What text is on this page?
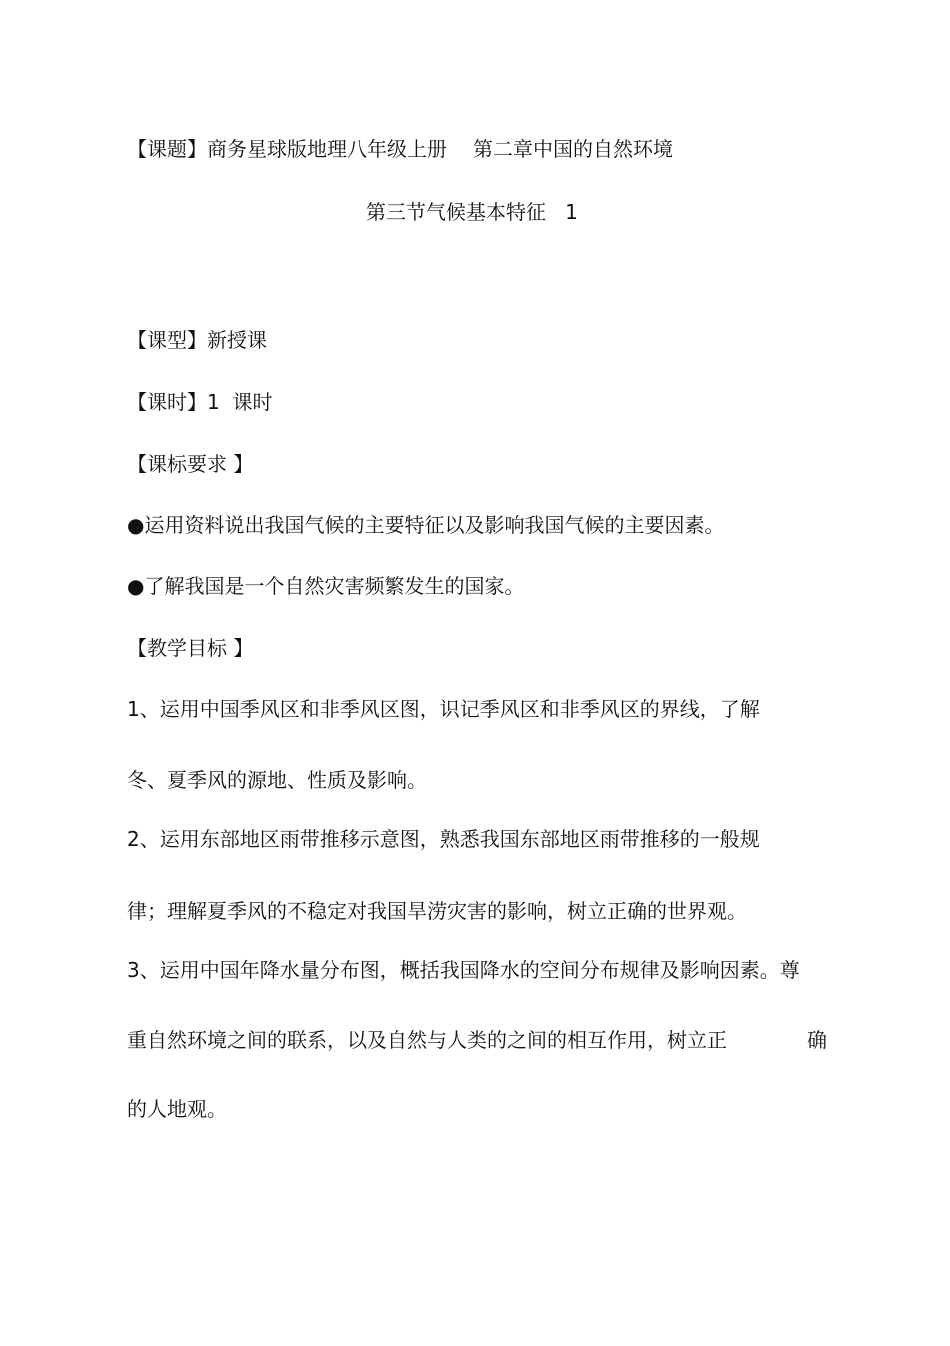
【课题】商务星球版地理八年级上册 第二章中国的自然环境
第三节气候基本特征   1
【课型】新授课
【课时】1  课时
【课标要求 】
●运用资料说出我国气候的主要特征以及影响我国气候的主要因素。
●了解我国是一个自然灾害频繁发生的国家。
【教学目标 】
1、运用中国季风区和非季风区图，识记季风区和非季风区的界线，了解
冬、夏季风的源地、性质及影响。
2、运用东部地区雨带推移示意图，熟悉我国东部地区雨带推移的一般规
律；理解夏季风的不稳定对我国旱涝灾害的影响，树立正确的世界观。
3、运用中国年降水量分布图，概括我国降水的空间分布规律及影响因素。尊
重自然环境之间的联系，以及自然与人类的之间的相互作用，树立正	确
的人地观。
